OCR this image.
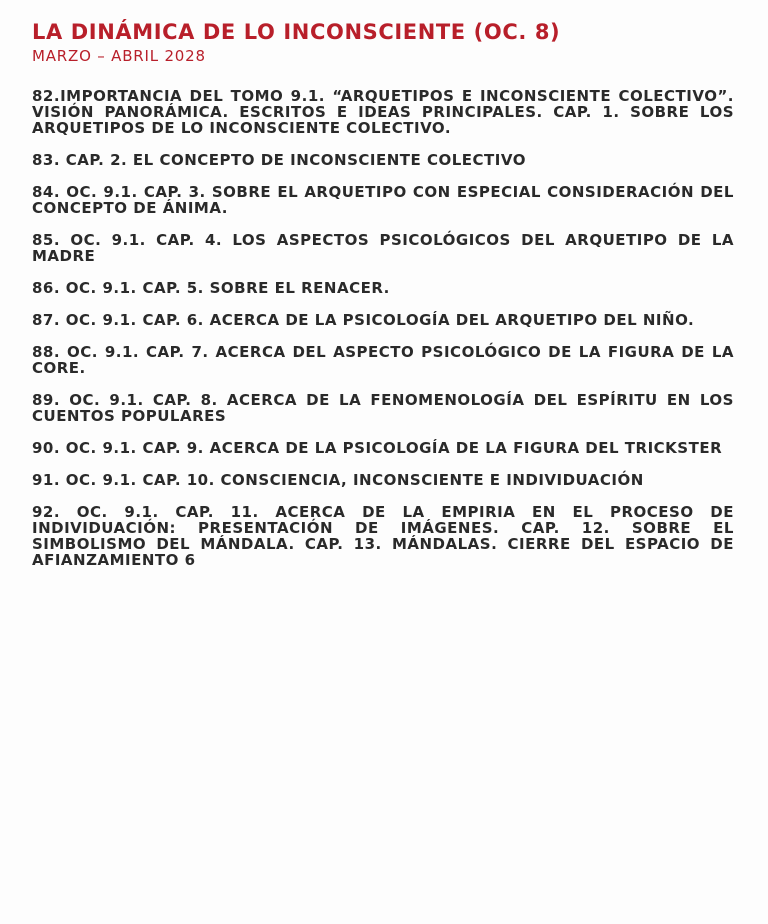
LA DINÁMICA DE LO INCONSCIENTE (OC. 8)

MARZO – ABRIL 2028

82.IMPORTANCIA DEL TOMO 9.1. “ARQUETIPOS E INCONSCIENTE COLECTIVO”. VISIÓN PANORÁMICA. ESCRITOS E IDEAS PRINCIPALES. CAP. 1. SOBRE LOS ARQUETIPOS DE LO INCONSCIENTE COLECTIVO.
83. CAP. 2. EL CONCEPTO DE INCONSCIENTE COLECTIVO
84. OC. 9.1. CAP. 3. SOBRE EL ARQUETIPO CON ESPECIAL CONSIDERACIÓN DEL CONCEPTO DE ÁNIMA.
85. OC. 9.1. CAP. 4. LOS ASPECTOS PSICOLÓGICOS DEL ARQUETIPO DE LA MADRE
86. OC. 9.1. CAP. 5. SOBRE EL RENACER.
87. OC. 9.1. CAP. 6. ACERCA DE LA PSICOLOGÍA DEL ARQUETIPO DEL NIÑO.
88. OC. 9.1. CAP. 7. ACERCA DEL ASPECTO PSICOLÓGICO DE LA FIGURA DE LA CORE.
89. OC. 9.1. CAP. 8. ACERCA DE LA FENOMENOLOGÍA DEL ESPÍRITU EN LOS CUENTOS POPULARES
90. OC. 9.1. CAP. 9. ACERCA DE LA PSICOLOGÍA DE LA FIGURA DEL TRICKSTER
91. OC. 9.1. CAP. 10. CONSCIENCIA, INCONSCIENTE E INDIVIDUACIÓN
92. OC. 9.1. CAP. 11. ACERCA DE LA EMPIRIA EN EL PROCESO DE INDIVIDUACIÓN: PRESENTACIÓN DE IMÁGENES. CAP. 12. SOBRE EL SIMBOLISMO DEL MÁNDALA. CAP. 13. MÁNDALAS. CIERRE DEL ESPACIO DE AFIANZAMIENTO 6
